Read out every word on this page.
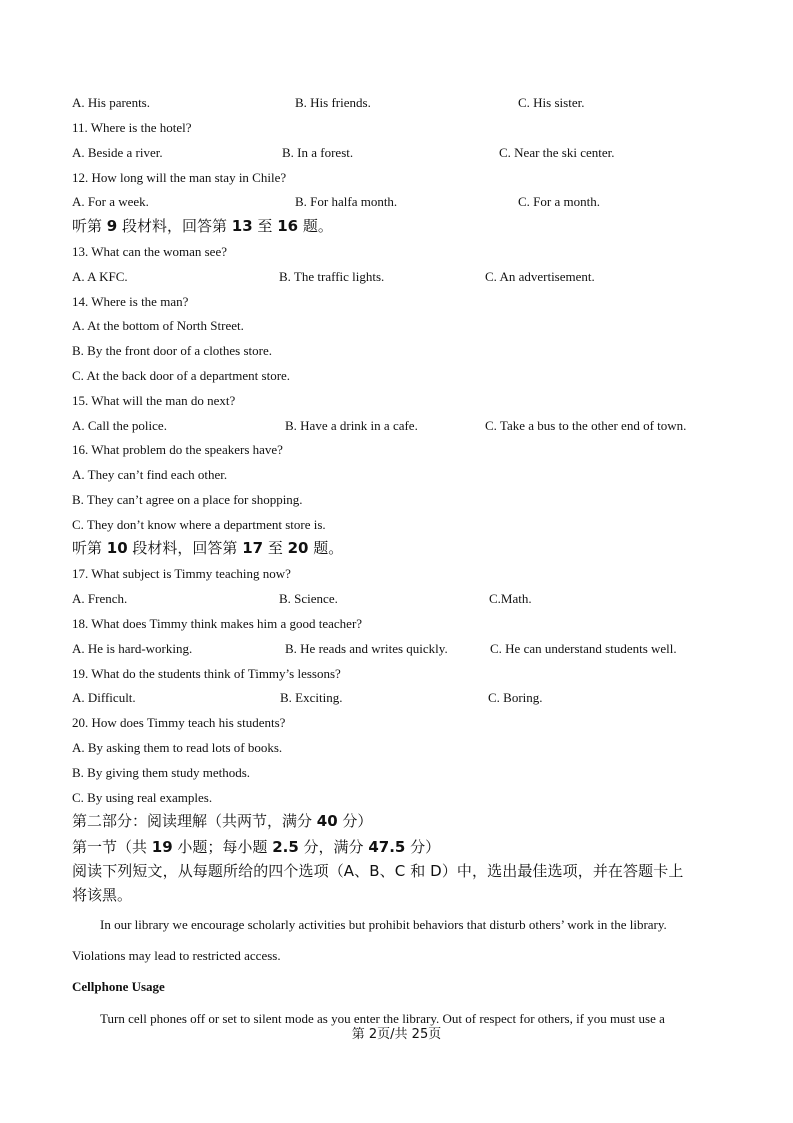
A. His parents.	B. His friends.	C. His sister.
11. Where is the hotel?
A. Beside a river.	B. In a forest.	C. Near the ski center.
12. How long will the man stay in Chile?
A. For a week.	B. For halfa month.	C. For a month.
听第 9 段材料，回答第 13 至 16 题。
13. What can the woman see?
A. A KFC.	B. The traffic lights.	C. An advertisement.
14. Where is the man?
A. At the bottom of North Street.
B. By the front door of a clothes store.
C. At the back door of a department store.
15. What will the man do next?
A. Call the police.	B. Have a drink in a cafe.	C. Take a bus to the other end of town.
16. What problem do the speakers have?
A. They can’t find each other.
B. They can’t agree on a place for shopping.
C. They don’t know where a department store is.
听第 10 段材料，回答第 17 至 20 题。
17. What subject is Timmy teaching now?
A. French.	B. Science.	C.Math.
18. What does Timmy think makes him a good teacher?
A. He is hard-working.	B. He reads and writes quickly.	C. He can understand students well.
19. What do the students think of Timmy’s lessons?
A. Difficult.	B. Exciting.	C. Boring.
20. How does Timmy teach his students?
A. By asking them to read lots of books.
B. By giving them study methods.
C. By using real examples.
第二部分：阅读理解（共两节，满分 40 分）
第一节（共 19 小题；每小题 2.5 分，满分 47.5 分）
阅读下列短文，从每题所给的四个选项（A、B、C 和 D）中，选出最佳选项，并在答题卡上
将该黑。
In our library we encourage scholarly activities but prohibit behaviors that disturb others’ work in the library.
Violations may lead to restricted access.
Cellphone Usage
Turn cell phones off or set to silent mode as you enter the library. Out of respect for others, if you must use a
第 2页/共 25页
